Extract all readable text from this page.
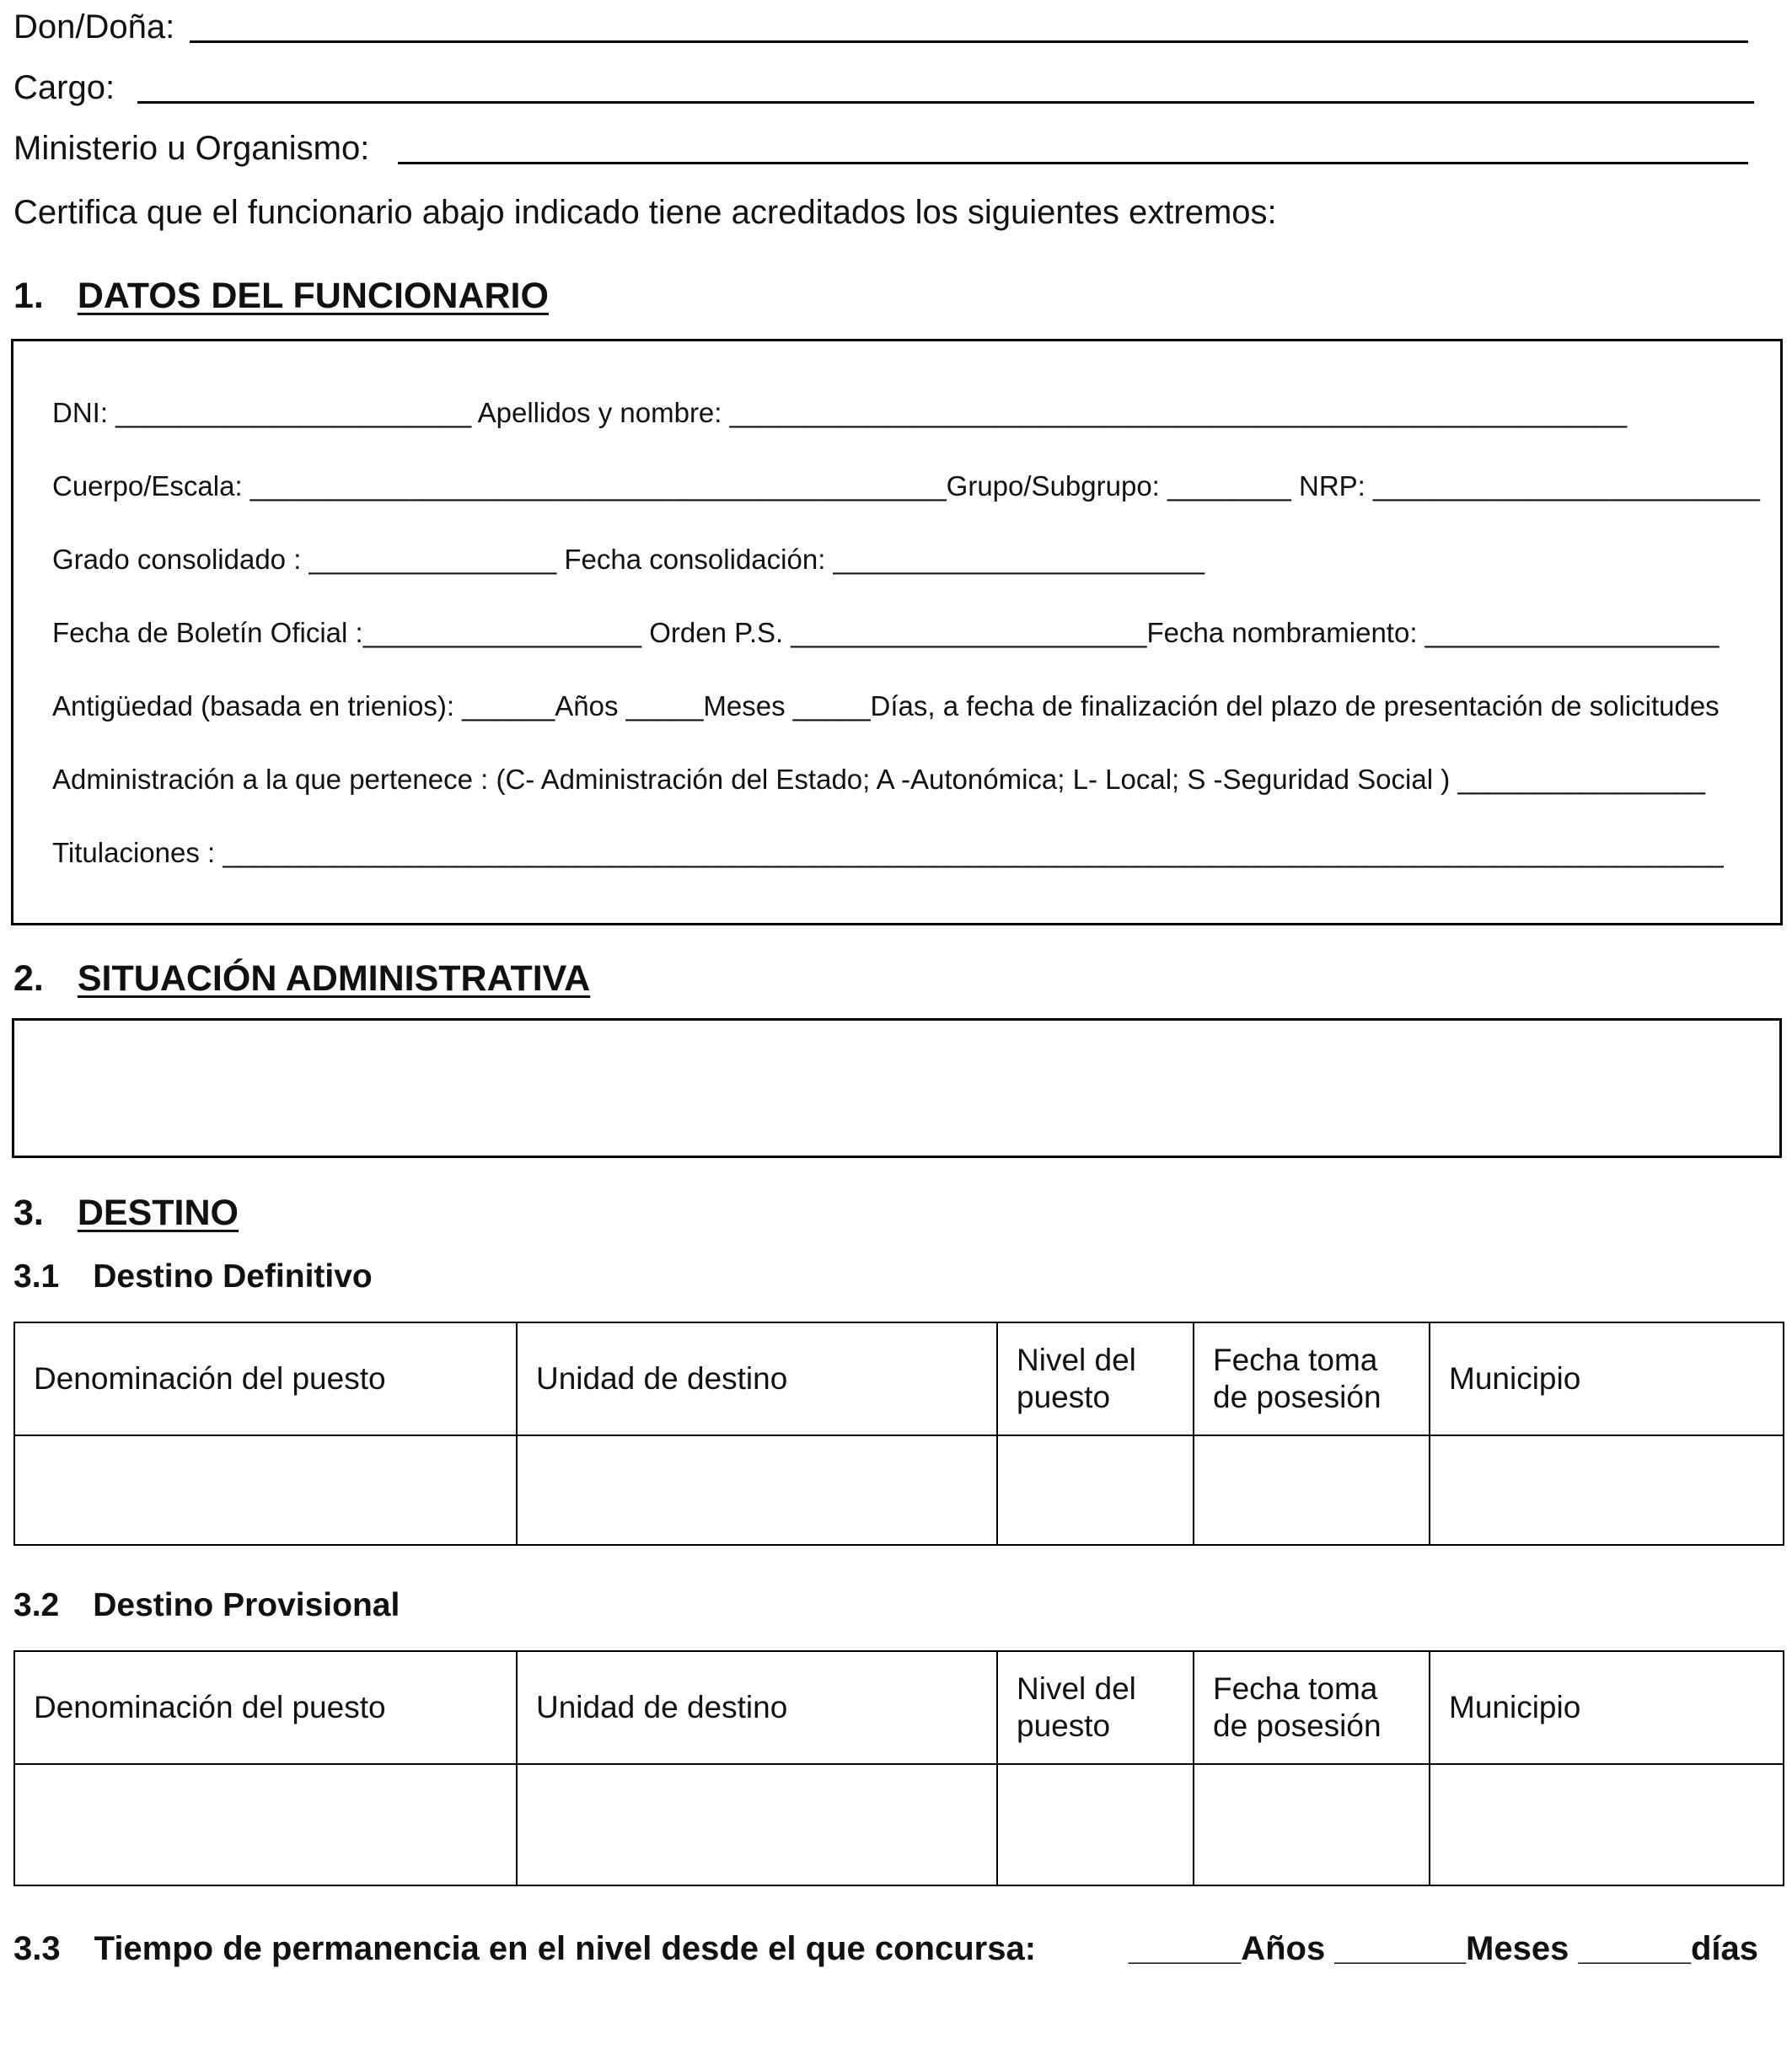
Don/Doña:
Cargo:
Ministerio u Organismo:
Certifica que el funcionario abajo indicado tiene acreditados los siguientes extremos:
1. DATOS DEL FUNCIONARIO
DNI: _______________________ Apellidos y nombre: __________________________________________________________
Cuerpo/Escala: _____________________________________________Grupo/Subgrupo: ________ NRP: _________________________
Grado consolidado : ________________ Fecha consolidación: ________________________
Fecha de Boletín Oficial :__________________ Orden P.S. _______________________Fecha nombramiento: ___________________
Antigüedad (basada en trienios): ______Años _____Meses _____Días, a fecha de finalización del plazo de presentación de solicitudes
Administración a la que pertenece : (C- Administración del Estado; A -Autonómica; L- Local; S -Seguridad Social ) ________________
Titulaciones : _________________________________________________________________________________________________
2. SITUACIÓN ADMINISTRATIVA
3. DESTINO
3.1 Destino Definitivo
Denominación del puesto	Unidad de destino	Nivel del puesto	Fecha toma de posesión	Municipio

3.2 Destino Provisional
Denominación del puesto	Unidad de destino	Nivel del puesto	Fecha toma de posesión	Municipio

3.3 Tiempo de permanencia en el nivel desde el que concursa:	______Años _______Meses ______días
